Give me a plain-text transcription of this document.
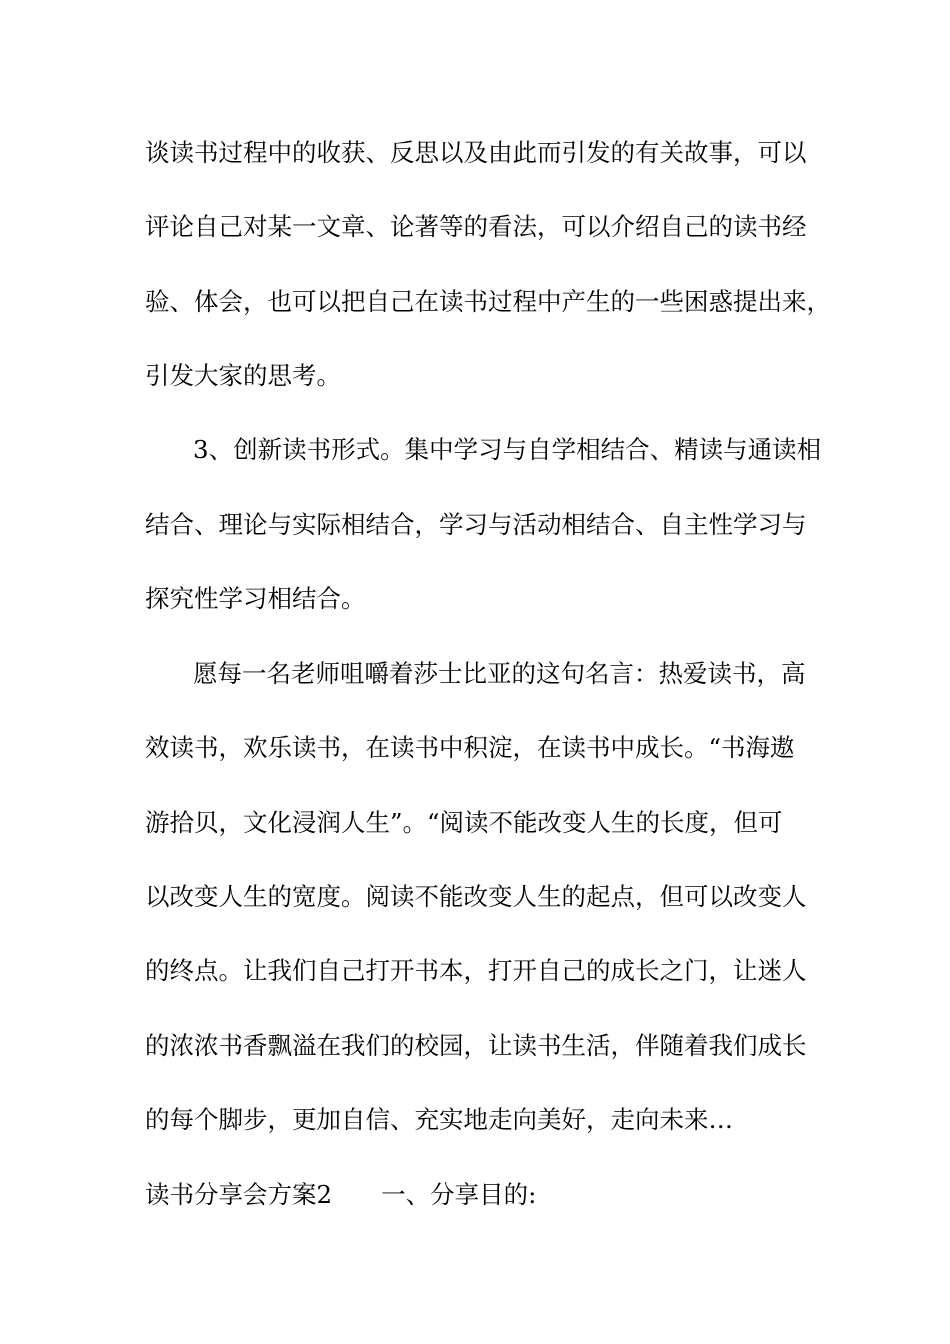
谈读书过程中的收获、反思以及由此而引发的有关故事，可以
评论自己对某一文章、论著等的看法，可以介绍自己的读书经
验、体会，也可以把自己在读书过程中产生的一些困惑提出来，
引发大家的思考。
3、创新读书形式。集中学习与自学相结合、精读与通读相
结合、理论与实际相结合，学习与活动相结合、自主性学习与
探究性学习相结合。
愿每一名老师咀嚼着莎士比亚的这句名言：热爱读书，高
效读书，欢乐读书，在读书中积淀，在读书中成长。“书海遨
游拾贝，文化浸润人生”。“阅读不能改变人生的长度，但可
以改变人生的宽度。阅读不能改变人生的起点，但可以改变人
的终点。让我们自己打开书本，打开自己的成长之门，让迷人
的浓浓书香飘溢在我们的校园，让读书生活，伴随着我们成长
的每个脚步，更加自信、充实地走向美好，走向未来…
读书分享会方案2　　一、分享目的:
